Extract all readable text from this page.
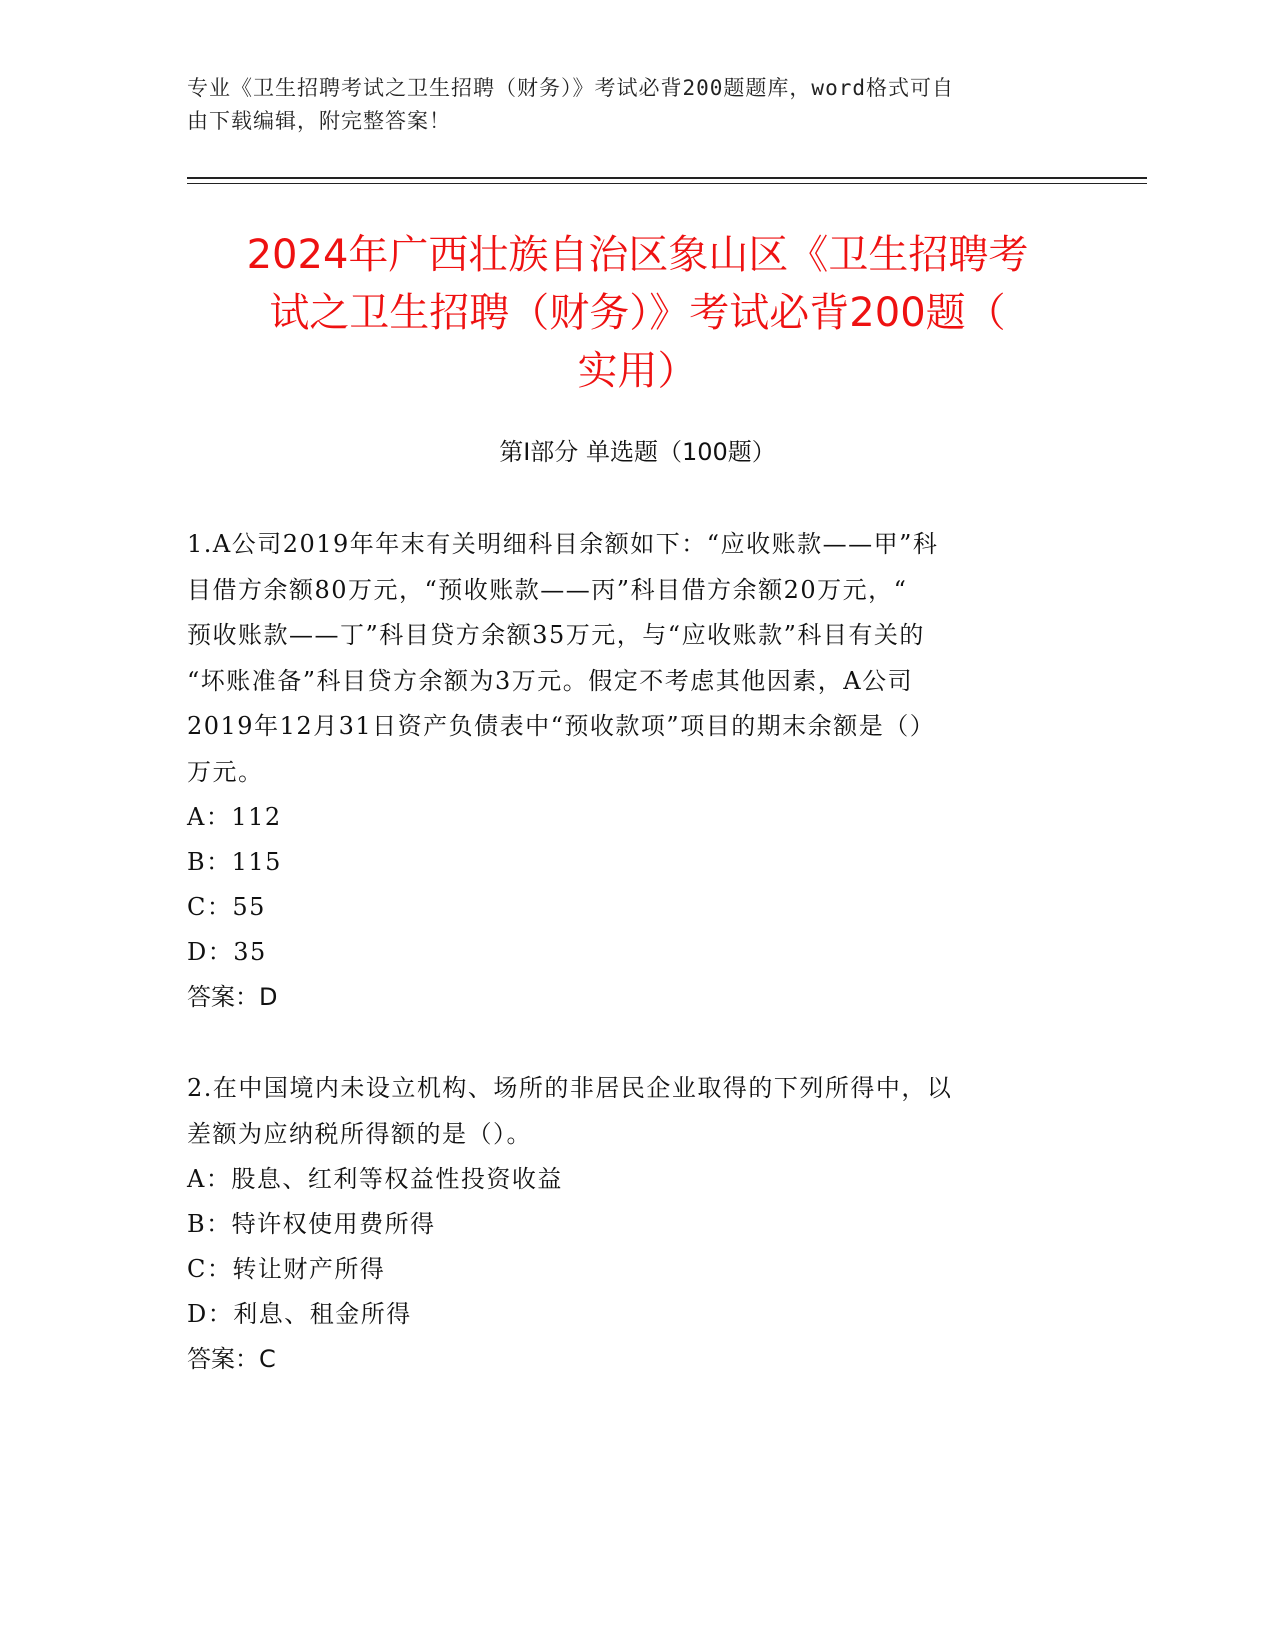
专业《卫生招聘考试之卫生招聘（财务）》考试必背200题题库，word格式可自
由下载编辑，附完整答案！
2024年广西壮族自治区象山区《卫生招聘考
试之卫生招聘（财务）》考试必背200题（
实用）
第Ⅰ部分 单选题（100题）

1.A公司2019年年末有关明细科目余额如下：“应收账款——甲”科
目借方余额80万元，“预收账款——丙”科目借方余额20万元，“
预收账款——丁”科目贷方余额35万元，与“应收账款”科目有关的
“坏账准备”科目贷方余额为3万元。假定不考虑其他因素，A公司
2019年12月31日资产负债表中“预收款项”项目的期末余额是（）
万元。

A：112

B：115

C：55

D：35

答案：D

2.在中国境内未设立机构、场所的非居民企业取得的下列所得中，以
差额为应纳税所得额的是（）。

A：股息、红利等权益性投资收益

B：特许权使用费所得

C：转让财产所得

D：利息、租金所得

答案：C
